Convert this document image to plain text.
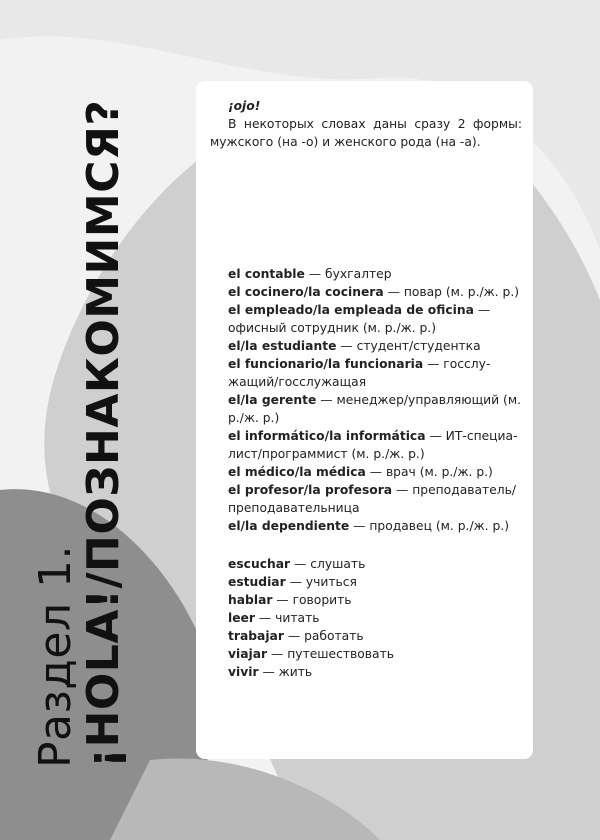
Раздел 1.
¡HOLA!/ПОЗНАКОМИМСЯ?	¡ojo!
В некоторых словах даны сразу 2 формы: мужского (на -о) и женского рода (на -а).

el contable — бухгалтер

el cocinero/la cocinera — повар (м. р./ж. р.)

el empleado/la empleada de oficina — офисный сотрудник (м. р./ж. р.)

el/la estudiante — студент/студентка

el funcionario/la funcionaria — госслу-жащий/госслужащая

el/la gerente — менеджер/управляющий (м. р./ж. р.)

el informático/la informática — ИТ-специа-лист/программист (м. р./ж. р.)

el médico/la médica — врач (м. р./ж. р.)

el profesor/la profesora — преподаватель/ преподавательница

el/la dependiente — продавец (м. р./ж. р.)

escuchar — слушать

estudiar — учиться

hablar — говорить

leer — читать

trabajar — работать

viajar — путешествовать

vivir — жить
